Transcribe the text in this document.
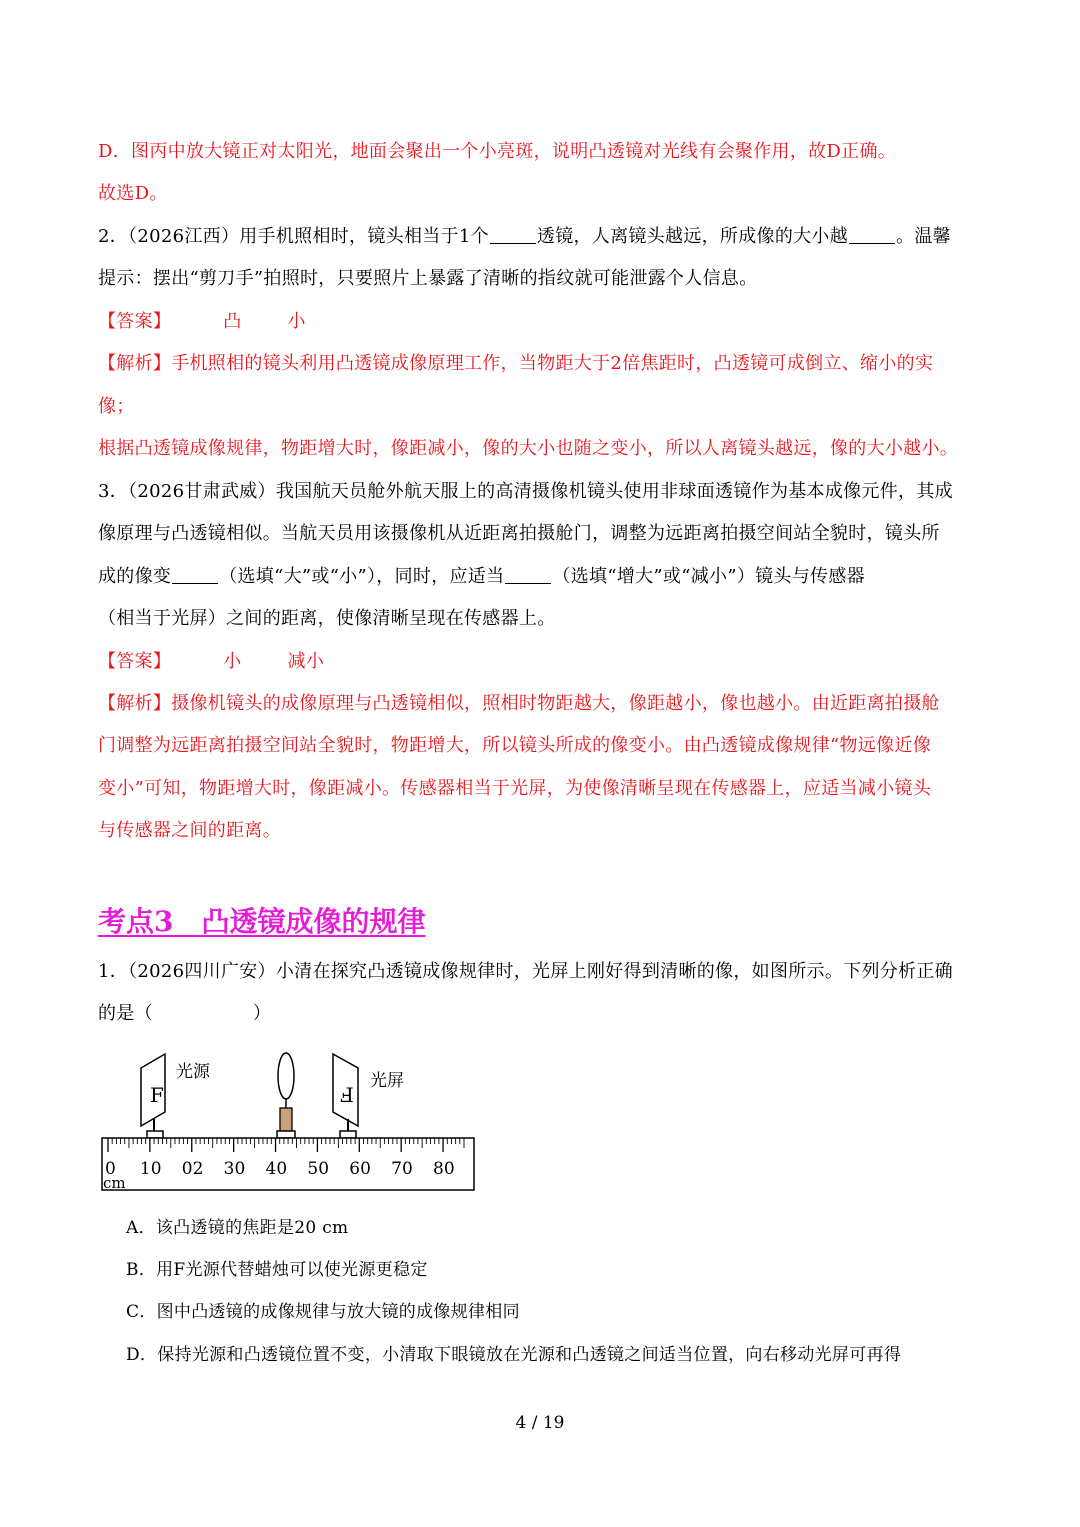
D．图丙中放大镜正对太阳光，地面会聚出一个小亮斑，说明凸透镜对光线有会聚作用，故D正确。
故选D。
2．（2026江西）用手机照相时，镜头相当于1个	透镜，人离镜头越远，所成像的大小越	。温馨
提示：摆出“剪刀手”拍照时，只要照片上暴露了清晰的指纹就可能泄露个人信息。
【答案】	凸	小
【解析】手机照相的镜头利用凸透镜成像原理工作，当物距大于2倍焦距时，凸透镜可成倒立、缩小的实
像；
根据凸透镜成像规律，物距增大时，像距减小，像的大小也随之变小，所以人离镜头越远，像的大小越小。
3．（2026甘肃武威）我国航天员舱外航天服上的高清摄像机镜头使用非球面透镜作为基本成像元件，其成
像原理与凸透镜相似。当航天员用该摄像机从近距离拍摄舱门，调整为远距离拍摄空间站全貌时，镜头所
成的像变	（选填“大”或“小”），同时，应适当	（选填“增大”或“减小”）镜头与传感器
（相当于光屏）之间的距离，使像清晰呈现在传感器上。
【答案】	小	减小
【解析】摄像机镜头的成像原理与凸透镜相似，照相时物距越大，像距越小，像也越小。由近距离拍摄舱
门调整为远距离拍摄空间站全貌时，物距增大，所以镜头所成的像变小。由凸透镜成像规律“物远像近像
变小”可知，物距增大时，像距减小。传感器相当于光屏，为使像清晰呈现在传感器上，应适当减小镜头
与传感器之间的距离。
考点3　凸透镜成像的规律
1．（2026四川广安）小清在探究凸透镜成像规律时，光屏上刚好得到清晰的像，如图所示。下列分析正确
的是（	）
F
光源
Ⅎ
光屏
0 10 02 30 40 50 60 70 80
cm
A．该凸透镜的焦距是20 cm
B．用F光源代替蜡烛可以使光源更稳定
C．图中凸透镜的成像规律与放大镜的成像规律相同
D．保持光源和凸透镜位置不变，小清取下眼镜放在光源和凸透镜之间适当位置，向右移动光屏可再得
4 / 19
